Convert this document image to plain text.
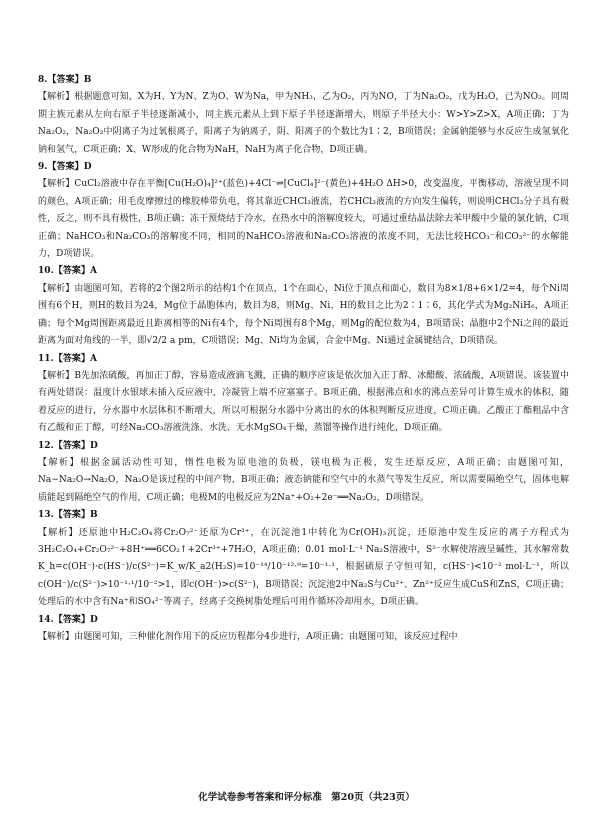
8.【答案】B

【解析】根据题意可知，X为H、Y为N、Z为O、W为Na，甲为NH₃，乙为O₂，丙为NO，丁为Na₂O₂，戊为H₂O，己为NO₂。同周期主族元素从左向右原子半径逐渐减小，同主族元素从上到下原子半径逐渐增大，则原子半径大小：W>Y>Z>X，A项正确；丁为Na₂O₂，Na₂O₂中阴离子为过氧根离子，阳离子为钠离子，阴、阳离子的个数比为1∶2，B项错误；金属钠能够与水反应生成氢氧化钠和氢气，C项正确；X、W形成的化合物为NaH，NaH为离子化合物，D项正确。

9.【答案】D

【解析】CuCl₂溶液中存在平衡[Cu(H₂O)₄]²⁺(蓝色)+4Cl⁻⇌[CuCl₄]²⁻(黄色)+4H₂O ΔH>0，改变温度，平衡移动，溶液呈现不同的颜色，A项正确；用毛皮摩擦过的橡胶棒带负电，将其靠近CHCl₃液流，若CHCl₃液流的方向发生偏转，则说明CHCl₃分子具有极性，反之，则不具有极性，B项正确；冻干预烧结于冷水，在热水中的溶解度较大，可通过重结晶法除去苯甲酸中少量的氯化钠，C项正确；NaHCO₃和Na₂CO₃的溶解度不同，相同的NaHCO₃溶液和Na₂CO₃溶液的浓度不同，无法比较HCO₃⁻和CO₃²⁻的水解能力，D项错误。

10.【答案】A

【解析】由题图可知，若将的2个图2所示的结构1个在顶点，1个在面心，Ni位于顶点和面心，数目为8×1/8+6×1/2=4，每个Ni周围有6个H，则H的数目为24，Mg位于晶胞体内，数目为8，则Mg、Ni、H的数目之比为2∶1∶6，其化学式为Mg₂NiH₆，A项正确；每个Mg周围距离最近且距离相等的Ni有4个，每个Ni周围有8个Mg，则Mg的配位数为4，B项错误；晶胞中2个Ni之间的最近距离为面对角线的一半，即√2/2 a pm，C项错误；Mg、Ni均为金属，合金中Mg、Ni通过金属键结合，D项错误。

11.【答案】A

【解析】B先加浓硫酸，再加正丁醇，容易造成液滴飞溅，正确的顺序应该是依次加入正丁醇、冰醋酸、浓硫酸，A项错误。该装置中有两处错误：温度计水银球未插入反应液中，冷凝管上端不应塞塞子。B项正确，根据沸点和水的沸点差异可计算生成水的体积，随着反应的进行，分水器中水层体积不断增大，所以可根据分水器中分离出的水的体积判断反应进度，C项正确。乙酸正丁酯粗品中含有乙酸和正丁醇，可经Na₂CO₃溶液洗涤、水洗、无水MgSO₄干燥，蒸馏等操作进行纯化，D项正确。

12.【答案】D

【解析】根据金属活动性可知，惰性电极为原电池的负极，镁电极为正极，发生还原反应，A项正确；由题图可知，Na−Na₂O→Na₂O，Na₂O是该过程的中间产物，B项正确；液态钠能和空气中的水蒸气等发生反应，所以需要隔绝空气，固体电解质能起到隔绝空气的作用，C项正确；电极M的电极反应为2Na⁺+O₂+2e⁻══Na₂O₂，D项错误。

13.【答案】B

【解析】还原池中H₂C₂O₄将Cr₂O₇²⁻还原为Cr³⁺，在沉淀池1中转化为Cr(OH)₃沉淀，还原池中发生反应的离子方程式为3H₂C₂O₄+Cr₂O₇²⁻+8H⁺══6CO₂↑+2Cr³⁺+7H₂O，A项正确；0.01 mol·L⁻¹ Na₂S溶液中，S²⁻水解使溶液呈碱性，其水解常数K_h=c(OH⁻)·c(HS⁻)/c(S²⁻)=K_w/K_a2(H₂S)=10⁻¹⁴/10⁻¹²·⁹=10⁻¹·¹，根据硫原子守恒可知，c(HS⁻)<10⁻² mol·L⁻¹，所以c(OH⁻)/c(S²⁻)>10⁻¹·¹/10⁻²>1，即c(OH⁻)>c(S²⁻)，B项错误；沉淀池2中Na₂S与Cu²⁺、Zn²⁺反应生成CuS和ZnS，C项正确；处理后的水中含有Na⁺和SO₄²⁻等离子，经离子交换树脂处理后可用作循环冷却用水，D项正确。

14.【答案】D

【解析】由题图可知，三种催化剂作用下的反应历程都分4步进行，A项正确；由题图可知，该反应过程中

化学试卷参考答案和评分标准　第20页（共23页）
